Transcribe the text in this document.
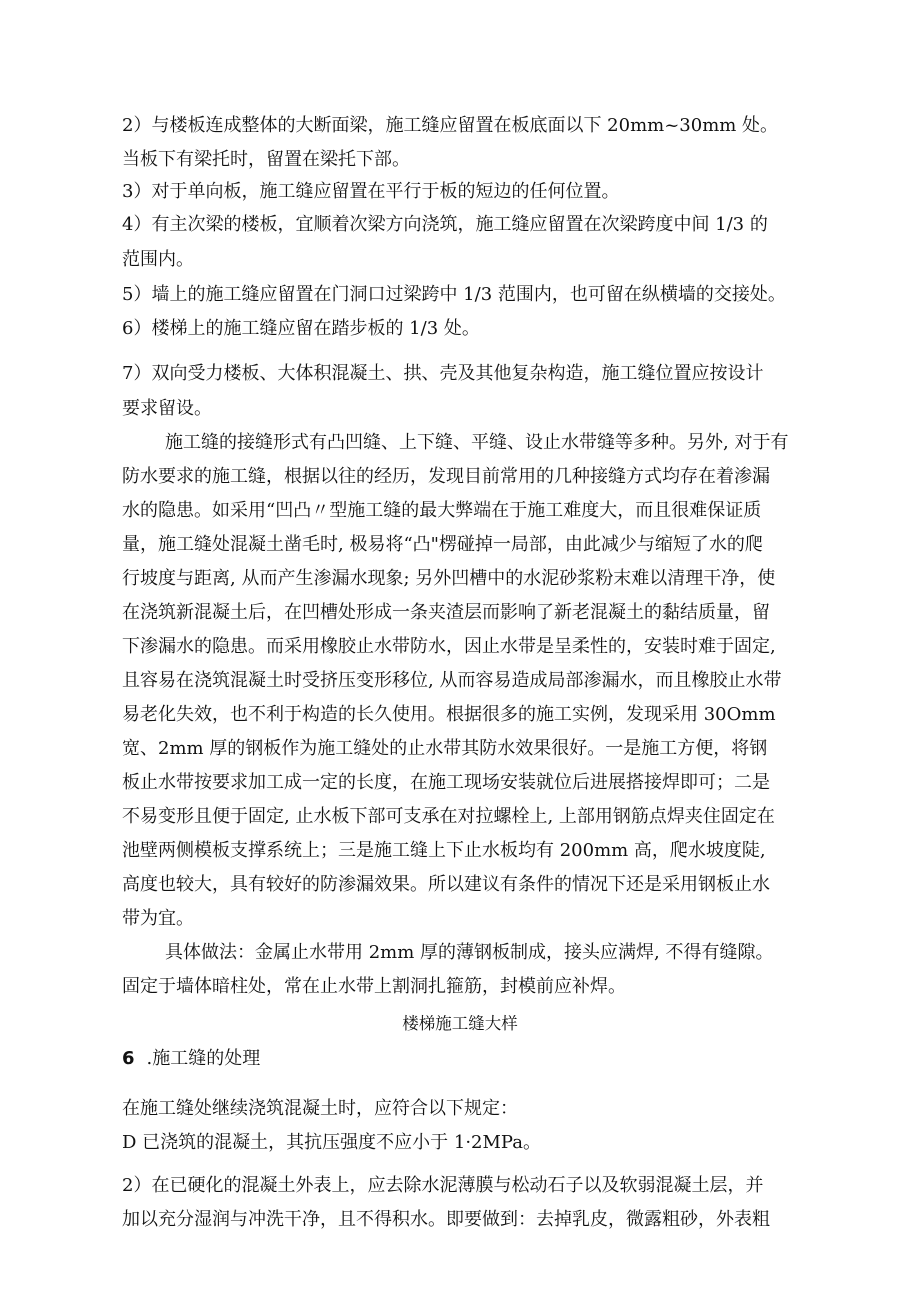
2）与楼板连成整体的大断面梁，施工缝应留置在板底面以下 20mm~30mm 处。
当板下有梁托时，留置在梁托下部。
3）对于单向板，施工缝应留置在平行于板的短边的任何位置。
4）有主次梁的楼板，宜顺着次梁方向浇筑，施工缝应留置在次梁跨度中间 1/3 的
范围内。
5）墙上的施工缝应留置在门洞口过梁跨中 1/3 范围内，也可留在纵横墙的交接处。
6）楼梯上的施工缝应留在踏步板的 1/3 处。
7）双向受力楼板、大体积混凝土、拱、壳及其他复杂构造，施工缝位置应按设计
要求留设。
施工缝的接缝形式有凸凹缝、上下缝、平缝、设止水带缝等多种。另外, 对于有
防水要求的施工缝，根据以往的经历，发现目前常用的几种接缝方式均存在着渗漏
水的隐患。如采用“凹凸〃型施工缝的最大弊端在于施工难度大，而且很难保证质
量，施工缝处混凝土凿毛时, 极易将“凸"楞碰掉一局部，由此减少与缩短了水的爬
行坡度与距离, 从而产生渗漏水现象; 另外凹槽中的水泥砂浆粉末难以清理干净，使
在浇筑新混凝土后，在凹槽处形成一条夹渣层而影响了新老混凝土的黏结质量，留
下渗漏水的隐患。而采用橡胶止水带防水，因止水带是呈柔性的，安装时难于固定,
且容易在浇筑混凝土时受挤压变形移位, 从而容易造成局部渗漏水，而且橡胶止水带
易老化失效，也不利于构造的长久使用。根据很多的施工实例，发现采用 30Omm
宽、2mm 厚的钢板作为施工缝处的止水带其防水效果很好。一是施工方便，将钢
板止水带按要求加工成一定的长度，在施工现场安装就位后进展搭接焊即可；二是
不易变形且便于固定, 止水板下部可支承在对拉螺栓上, 上部用钢筋点焊夹住固定在
池壁两侧模板支撑系统上；三是施工缝上下止水板均有 200mm 高，爬水坡度陡,
高度也较大，具有较好的防渗漏效果。所以建议有条件的情况下还是采用钢板止水
带为宜。
具体做法：金属止水带用 2mm 厚的薄钢板制成，接头应满焊, 不得有缝隙。
固定于墙体暗柱处，常在止水带上割洞扎箍筋，封模前应补焊。
楼梯施工缝大样
6 .施工缝的处理
在施工缝处继续浇筑混凝土时，应符合以下规定：
D 已浇筑的混凝土，其抗压强度不应小于 1·2MPa。
2）在已硬化的混凝土外表上，应去除水泥薄膜与松动石子以及软弱混凝土层，并
加以充分湿润与冲洗干净，且不得积水。即要做到：去掉乳皮，微露粗砂，外表粗
